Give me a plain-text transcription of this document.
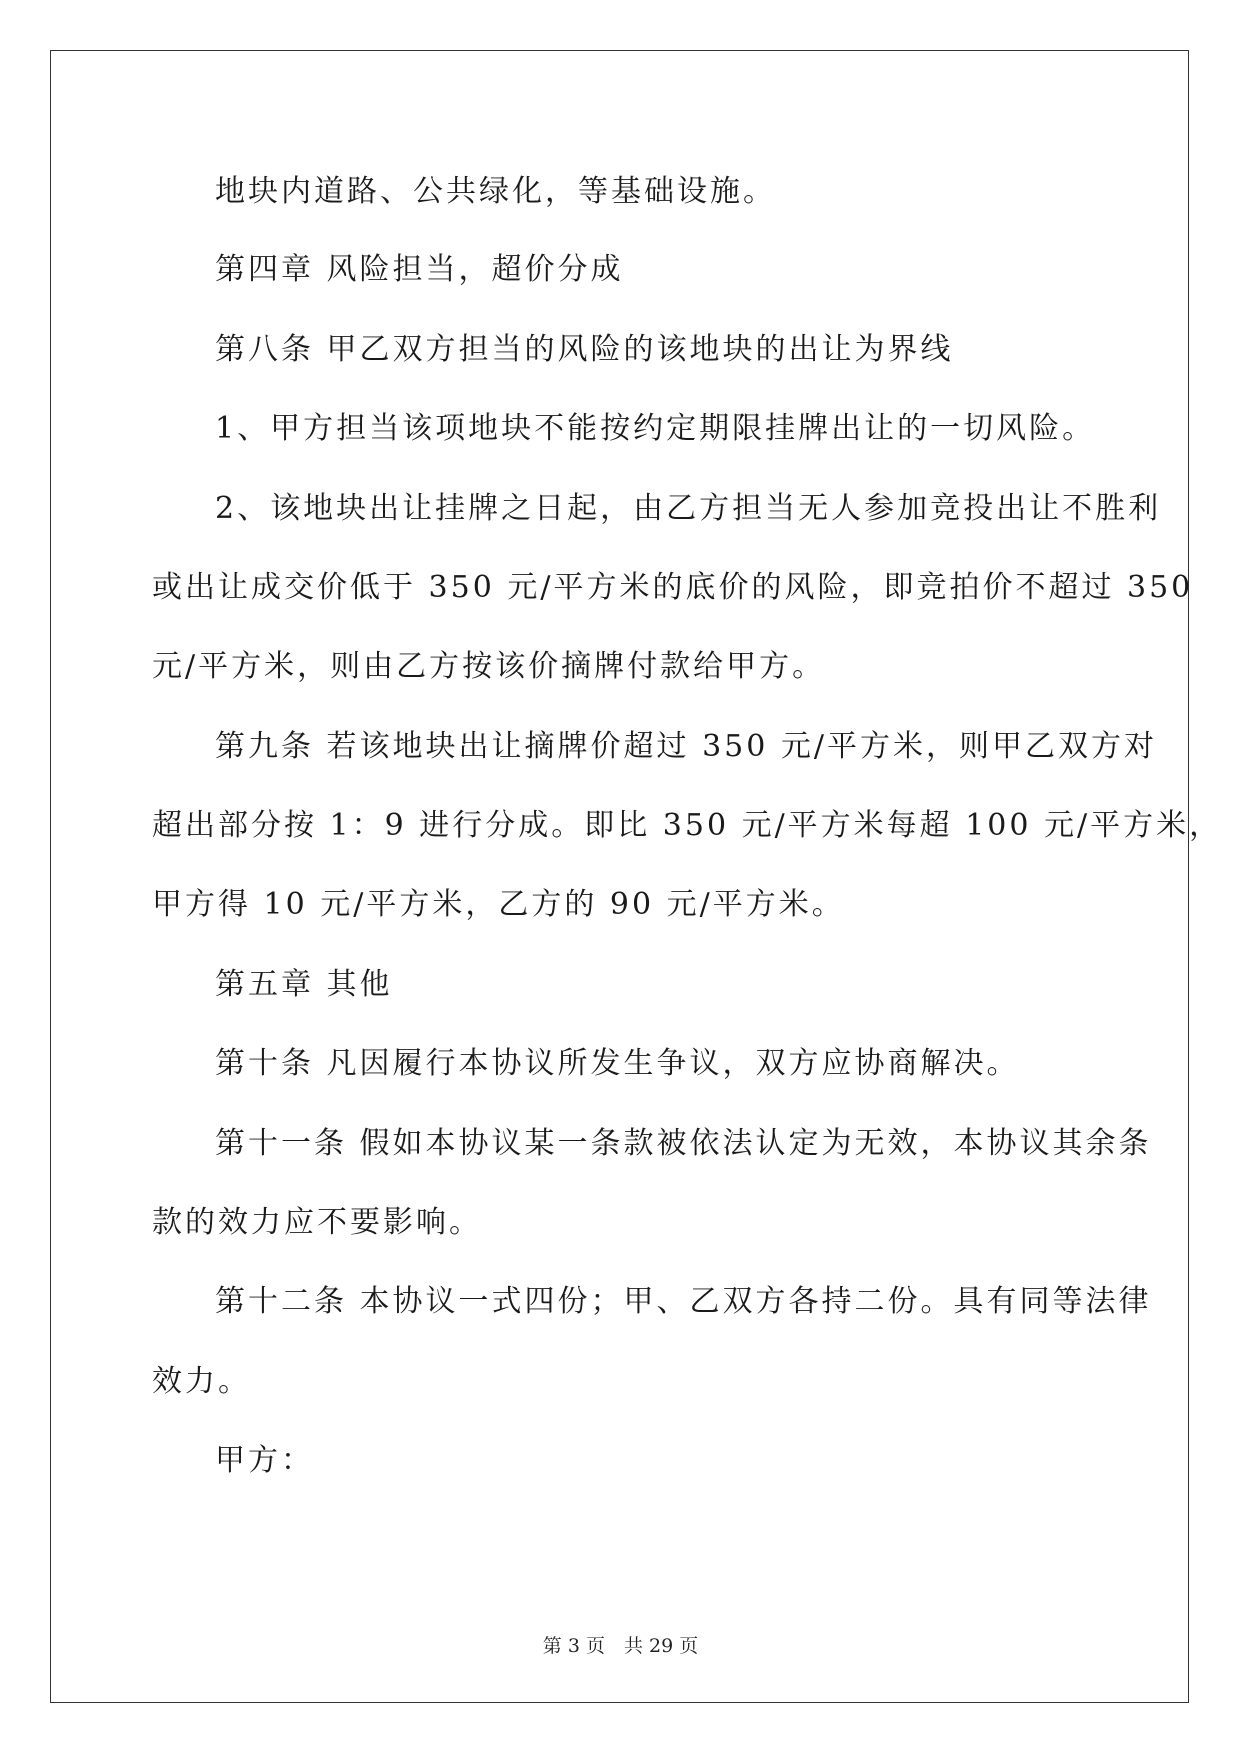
地块内道路、公共绿化，等基础设施。
第四章 风险担当，超价分成
第八条 甲乙双方担当的风险的该地块的出让为界线
1、甲方担当该项地块不能按约定期限挂牌出让的一切风险。
2、该地块出让挂牌之日起，由乙方担当无人参加竞投出让不胜利
或出让成交价低于 350 元/平方米的底价的风险，即竞拍价不超过 350
元/平方米，则由乙方按该价摘牌付款给甲方。
第九条 若该地块出让摘牌价超过 350 元/平方米，则甲乙双方对
超出部分按 1：9 进行分成。即比 350 元/平方米每超 100 元/平方米，
甲方得 10 元/平方米，乙方的 90 元/平方米。
第五章 其他
第十条 凡因履行本协议所发生争议，双方应协商解决。
第十一条 假如本协议某一条款被依法认定为无效，本协议其余条
款的效力应不要影响。
第十二条 本协议一式四份；甲、乙双方各持二份。具有同等法律
效力。
甲方：
第 3 页　共 29 页
